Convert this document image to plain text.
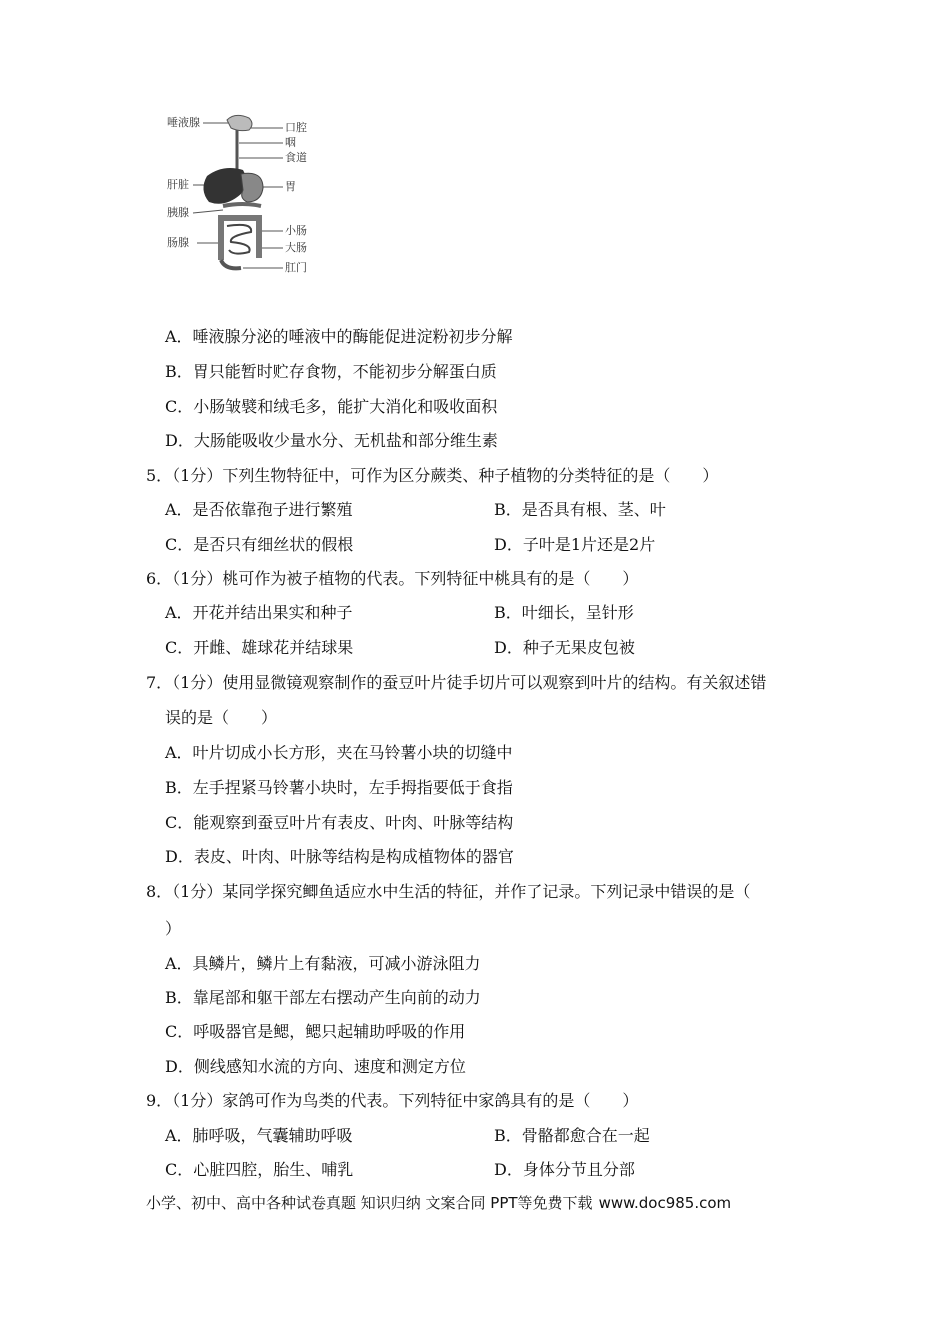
唾液腺
肝脏
胰腺
肠腺
口腔
咽
食道
胃
小肠
大肠
肛门
A．唾液腺分泌的唾液中的酶能促进淀粉初步分解
B．胃只能暂时贮存食物，不能初步分解蛋白质
C．小肠皱襞和绒毛多，能扩大消化和吸收面积
D．大肠能吸收少量水分、无机盐和部分维生素
5．（1分）下列生物特征中，可作为区分蕨类、种子植物的分类特征的是（　　）
A．是否依靠孢子进行繁殖	B．是否具有根、茎、叶
C．是否只有细丝状的假根	D．子叶是1片还是2片
6．（1分）桃可作为被子植物的代表。下列特征中桃具有的是（　　）
A．开花并结出果实和种子	B．叶细长，呈针形
C．开雌、雄球花并结球果	D．种子无果皮包被
7．（1分）使用显微镜观察制作的蚕豆叶片徒手切片可以观察到叶片的结构。有关叙述错
误的是（　　）
A．叶片切成小长方形，夹在马铃薯小块的切缝中
B．左手捏紧马铃薯小块时，左手拇指要低于食指
C．能观察到蚕豆叶片有表皮、叶肉、叶脉等结构
D．表皮、叶肉、叶脉等结构是构成植物体的器官
8．（1分）某同学探究鲫鱼适应水中生活的特征，并作了记录。下列记录中错误的是（
）
A．具鳞片，鳞片上有黏液，可减小游泳阻力
B．靠尾部和躯干部左右摆动产生向前的动力
C．呼吸器官是鳃，鳃只起辅助呼吸的作用
D．侧线感知水流的方向、速度和测定方位
9．（1分）家鸽可作为鸟类的代表。下列特征中家鸽具有的是（　　）
A．肺呼吸，气囊辅助呼吸	B．骨骼都愈合在一起
C．心脏四腔，胎生、哺乳	D．身体分节且分部
小学、初中、高中各种试卷真题 知识归纳 文案合同 PPT等免费下载 www.doc985.com
